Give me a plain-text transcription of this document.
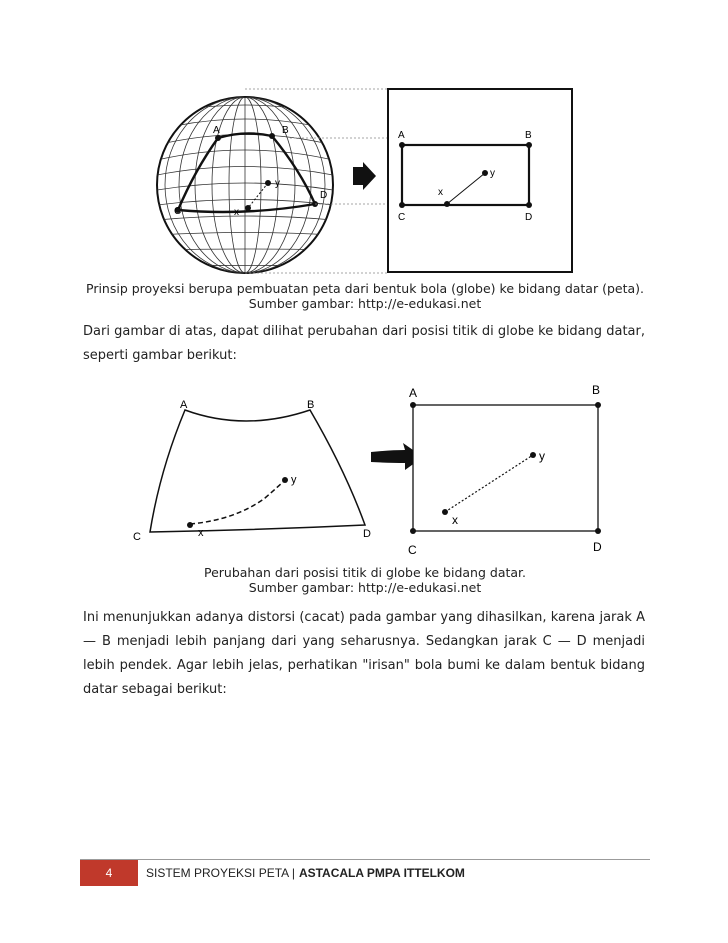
A	B
C
D
y
x
A	B
C	D
y
x
Prinsip proyeksi berupa pembuatan peta dari bentuk bola (globe) ke bidang datar (peta).
Sumber gambar: http://e-edukasi.net
Dari gambar di atas, dapat dilihat perubahan dari posisi titik di globe ke bidang datar, seperti gambar berikut:
A	B
C	D
y
x
A	B
C	D
y
x
Perubahan dari posisi titik di globe ke bidang datar.
Sumber gambar: http://e-edukasi.net
Ini menunjukkan adanya distorsi (cacat) pada gambar yang dihasilkan, karena jarak A — B menjadi lebih panjang dari yang seharusnya. Sedangkan jarak C — D menjadi lebih pendek. Agar lebih jelas, perhatikan "irisan" bola bumi ke dalam bentuk bidang datar sebagai berikut:
4	SISTEM PROYEKSI PETA | ASTACALA PMPA ITTELKOM
